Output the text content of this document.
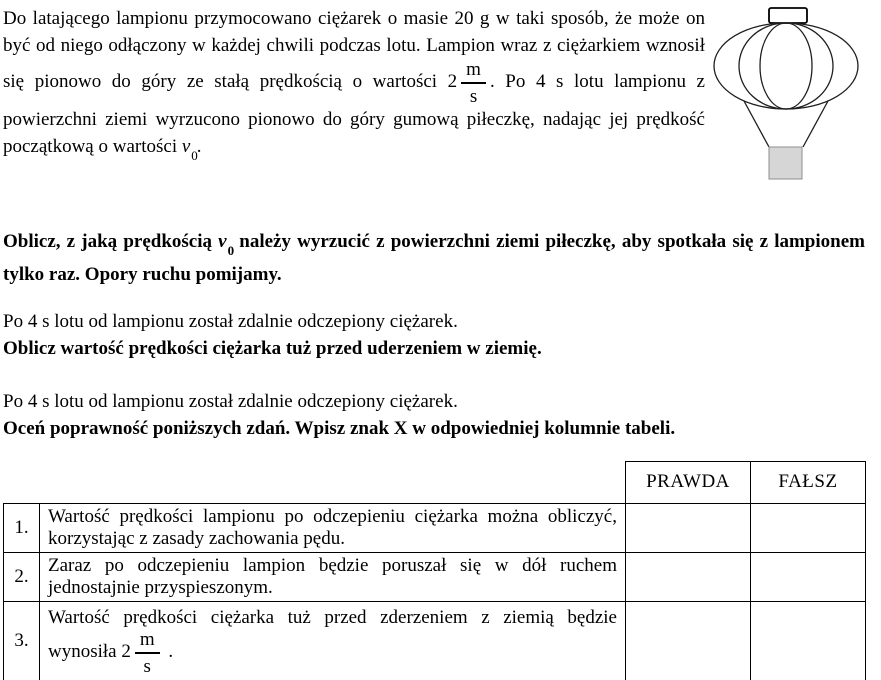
Do latającego lampionu przymocowano ciężarek o masie 20 g w taki sposób, że może on być od niego odłączony w każdej chwili podczas lotu. Lampion wraz z ciężarkiem wznosił się pionowo do góry ze stałą prędkością o wartości $2 \frac{m}{s}$ . Po 4 s lotu lampionu z powierzchni ziemi wyrzucono pionowo do góry gumową piłeczkę, nadając jej prędkość początkową o wartości $v_0$.

Oblicz, z jaką prędkością $v_0$ należy wyrzucić z powierzchni ziemi piłeczkę, aby spotkała się z lampionem tylko raz. Opory ruchu pomijamy.

Po 4 s lotu od lampionu został zdalnie odczepiony ciężarek.
Oblicz wartość prędkości ciężarka tuż przed uderzeniem w ziemię.

Po 4 s lotu od lampionu został zdalnie odczepiony ciężarek.
Oceń poprawność poniższych zdań. Wpisz znak X w odpowiedniej kolumnie tabeli.

		PRAWDA	FAŁSZ
1.	Wartość prędkości lampionu po odczepieniu ciężarka można obliczyć, korzystając z zasady zachowania pędu.		
2.	Zaraz po odczepieniu lampion będzie poruszał się w dół ruchem jednostajnie przyspieszonym.		
3.	Wartość prędkości ciężarka tuż przed zderzeniem z ziemią będzie wynosiła $2 \frac{m}{s}$ .		
